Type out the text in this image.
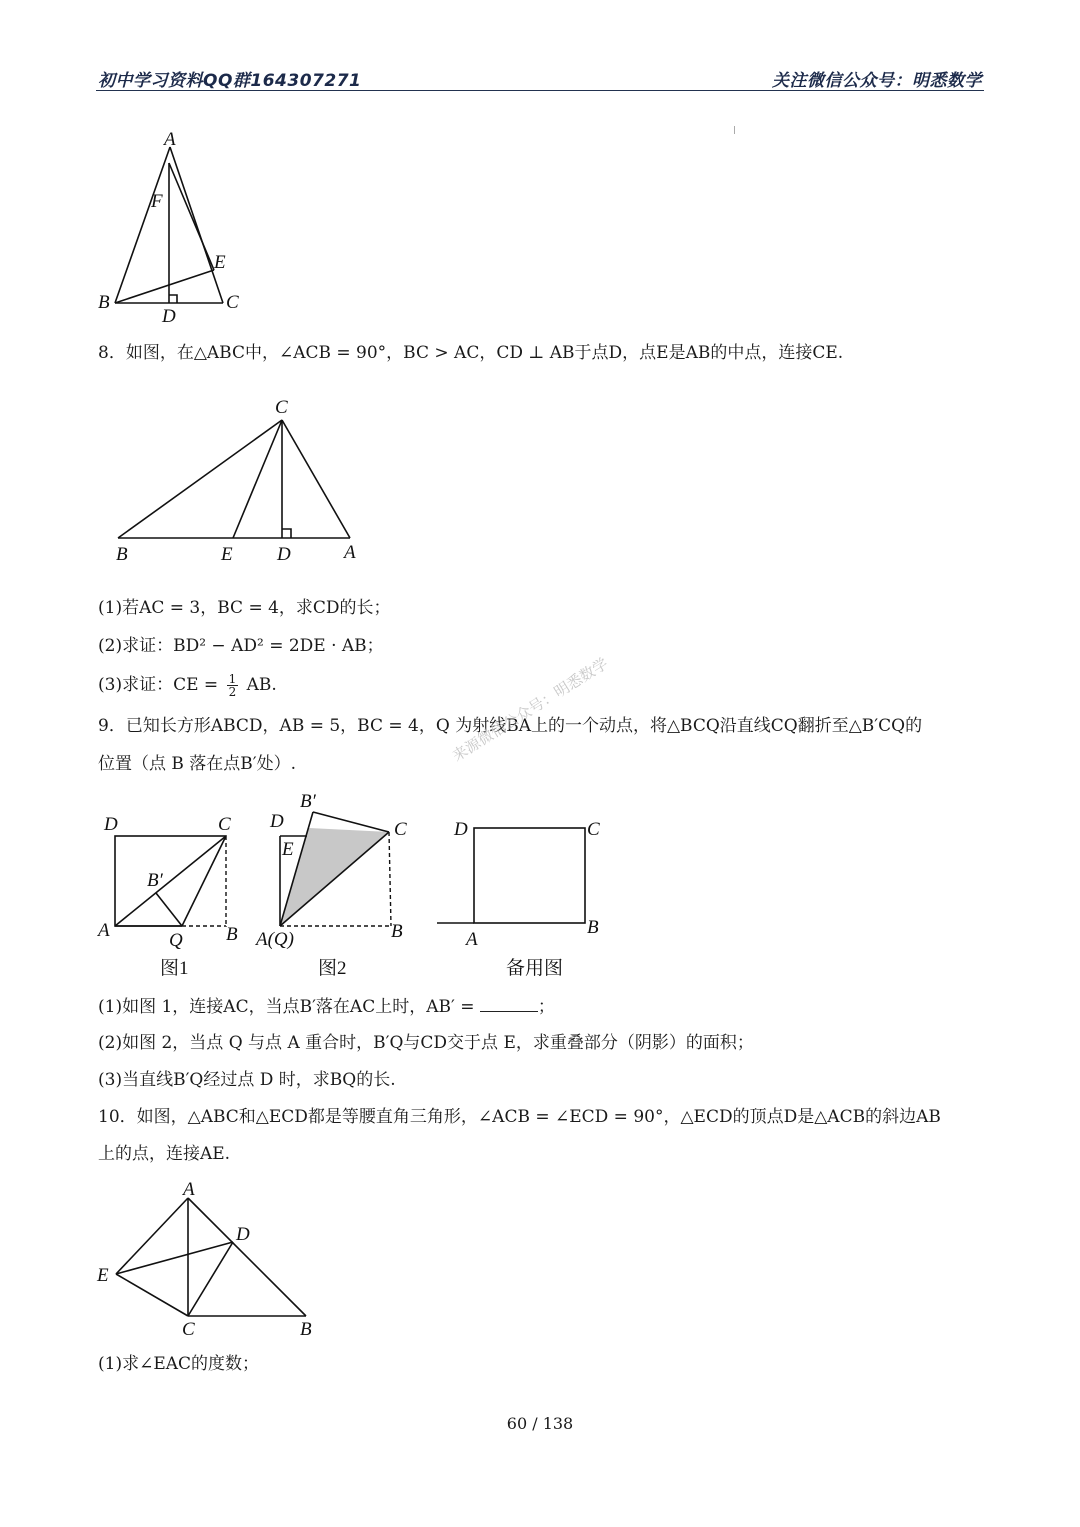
初中学习资料QQ群164307271	关注微信公众号：明悉数学
A
F
E
B	C
D
8．如图，在△ABC中，∠ACB = 90°，BC > AC，CD ⊥ AB于点D，点E是AB的中点，连接CE.
C
B	E D	A
(1)若AC = 3，BC = 4，求CD的长；
(2)求证：BD² − AD² = 2DE · AB；
(3)求证：CE = $\frac{1}{2}$ AB.
9．已知长方形ABCD，AB = 5，BC = 4，Q 为射线BA上的一个动点，将△BCQ沿直线CQ翻折至△B′CQ的
位置（点 B 落在点B′处）.
D	C
B′
A	Q B
图1
B′
D	C
E
A(Q)	B
图2
D	C
A
B
备用图
来源微信公众号：明悉数学
(1)如图 1，连接AC，当点B′落在AC上时，AB′ =	；
(2)如图 2，当点 Q 与点 A 重合时，B′Q与CD交于点 E，求重叠部分（阴影）的面积；
(3)当直线B′Q经过点 D 时，求BQ的长.
10．如图，△ABC和△ECD都是等腰直角三角形，∠ACB = ∠ECD = 90°，△ECD的顶点D是△ACB的斜边AB
上的点，连接AE.
A
D
E
C	B
(1)求∠EAC的度数；
60 / 138
